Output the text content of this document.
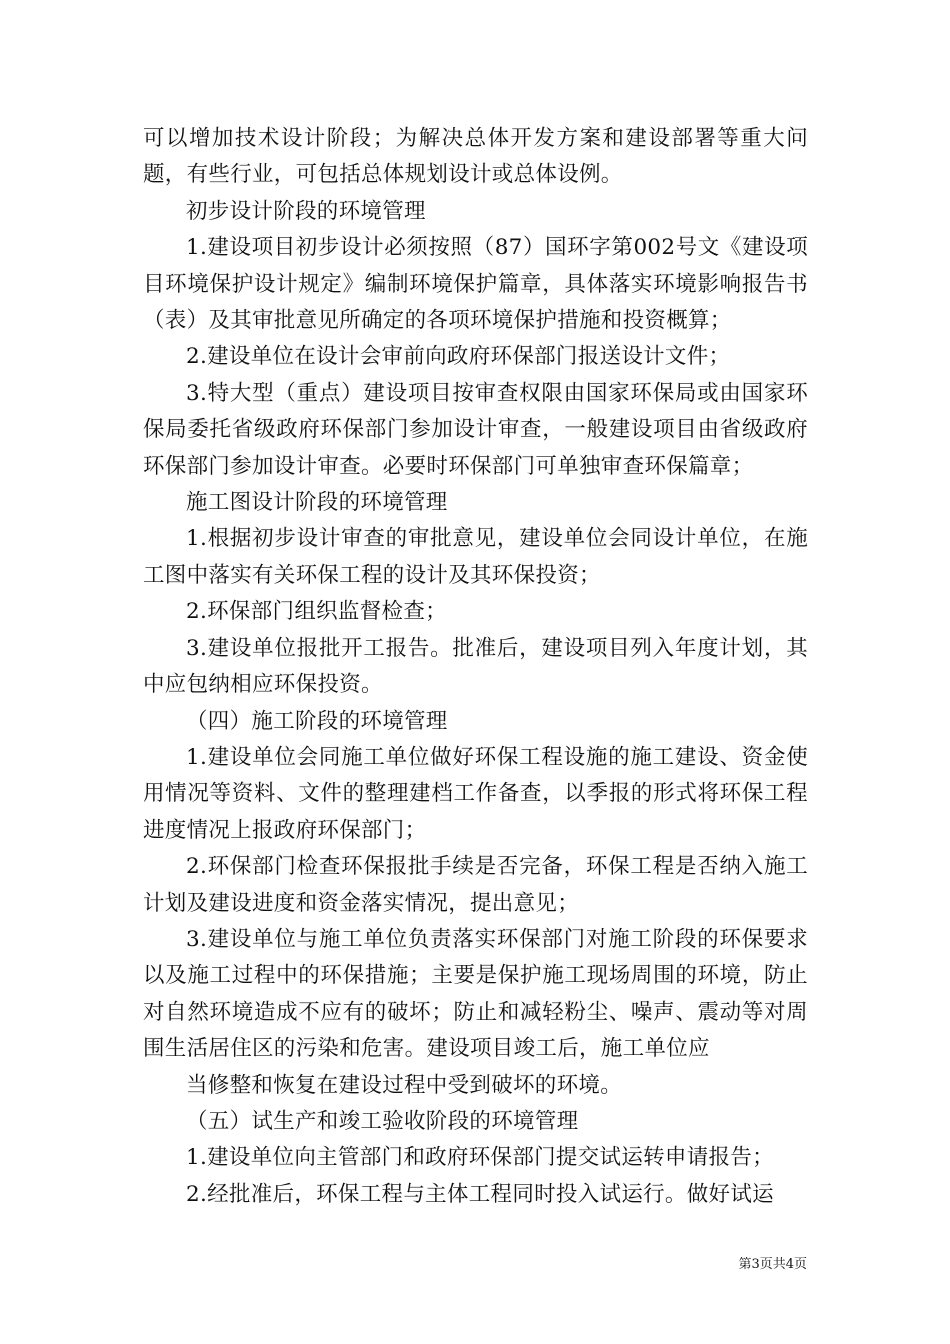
可以增加技术设计阶段；为解决总体开发方案和建设部署等重大问题，有些行业，可包括总体规划设计或总体设例。

初步设计阶段的环境管理

1.建设项目初步设计必须按照（87）国环字第002号文《建设项目环境保护设计规定》编制环境保护篇章，具体落实环境影响报告书（表）及其审批意见所确定的各项环境保护措施和投资概算；

2.建设单位在设计会审前向政府环保部门报送设计文件；

3.特大型（重点）建设项目按审查权限由国家环保局或由国家环保局委托省级政府环保部门参加设计审查，一般建设项目由省级政府环保部门参加设计审查。必要时环保部门可单独审查环保篇章；

施工图设计阶段的环境管理

1.根据初步设计审查的审批意见，建设单位会同设计单位，在施工图中落实有关环保工程的设计及其环保投资；

2.环保部门组织监督检查；

3.建设单位报批开工报告。批准后，建设项目列入年度计划，其中应包纳相应环保投资。

（四）施工阶段的环境管理

1.建设单位会同施工单位做好环保工程设施的施工建设、资金使用情况等资料、文件的整理建档工作备查，以季报的形式将环保工程进度情况上报政府环保部门；

2.环保部门检查环保报批手续是否完备，环保工程是否纳入施工计划及建设进度和资金落实情况，提出意见；

3.建设单位与施工单位负责落实环保部门对施工阶段的环保要求以及施工过程中的环保措施；主要是保护施工现场周围的环境，防止对自然环境造成不应有的破坏；防止和减轻粉尘、噪声、震动等对周围生活居住区的污染和危害。建设项目竣工后，施工单位应

当修整和恢复在建设过程中受到破坏的环境。

（五）试生产和竣工验收阶段的环境管理

1.建设单位向主管部门和政府环保部门提交试运转申请报告；

2.经批准后，环保工程与主体工程同时投入试运行。做好试运

第3页共4页
